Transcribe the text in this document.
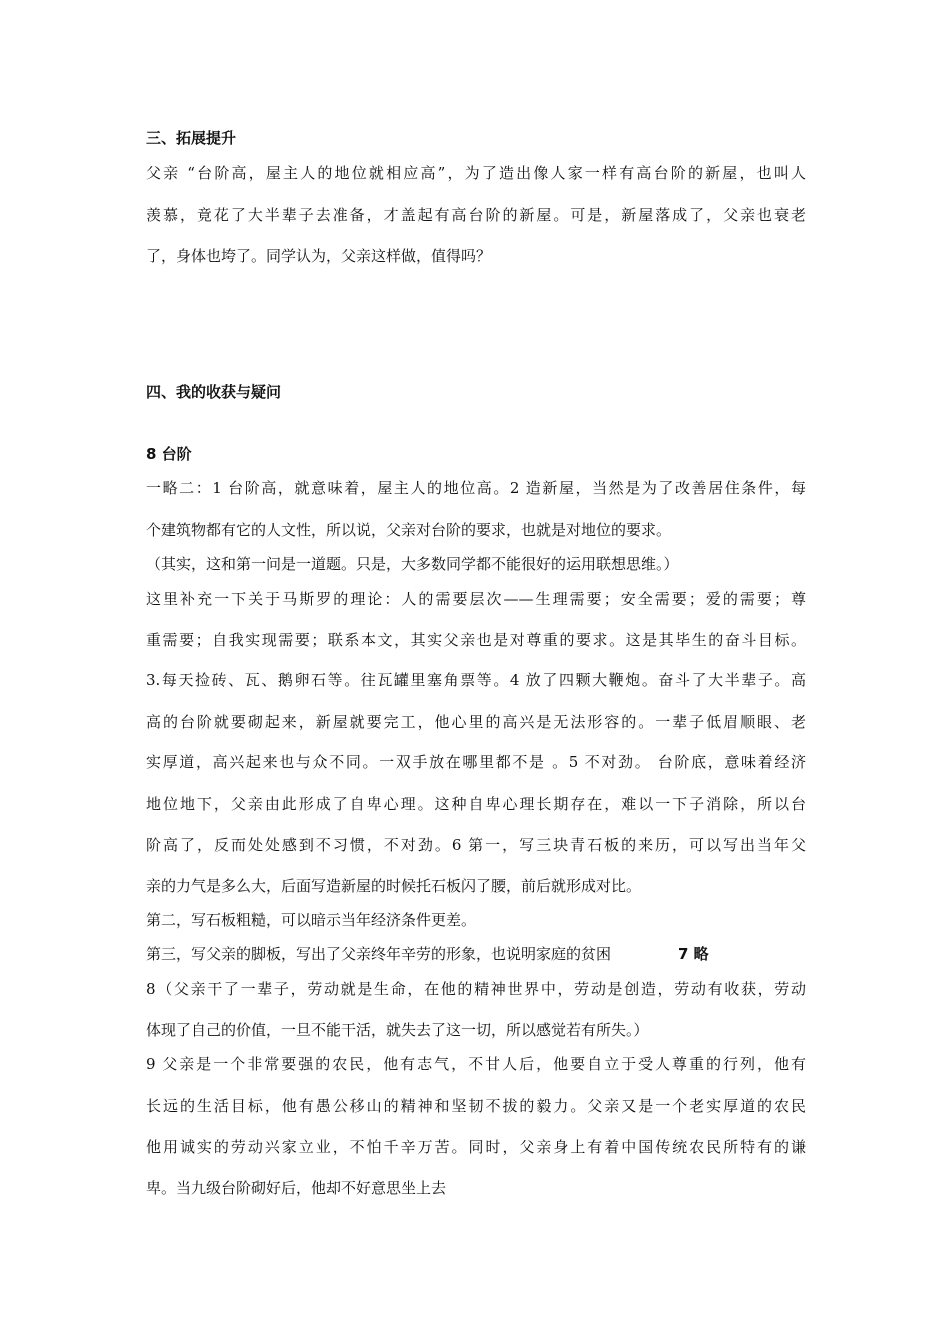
三、拓展提升
父亲 “台阶高，屋主人的地位就相应高”，为了造出像人家一样有高台阶的新屋，也叫人
羡慕，竟花了大半辈子去准备，才盖起有高台阶的新屋。可是，新屋落成了，父亲也衰老
了，身体也垮了。同学认为，父亲这样做，值得吗？
四、我的收获与疑问
8 台阶
一略二：1 台阶高，就意味着，屋主人的地位高。2 造新屋，当然是为了改善居住条件，每
个建筑物都有它的人文性，所以说，父亲对台阶的要求，也就是对地位的要求。
（其实，这和第一问是一道题。只是，大多数同学都不能很好的运用联想思维。）
这里补充一下关于马斯罗的理论：人的需要层次——生理需要；安全需要；爱的需要；尊
重需要；自我实现需要；联系本文，其实父亲也是对尊重的要求。这是其毕生的奋斗目标。
3.每天捡砖、瓦、鹅卵石等。往瓦罐里塞角票等。4 放了四颗大鞭炮。奋斗了大半辈子。高
高的台阶就要砌起来，新屋就要完工，他心里的高兴是无法形容的。一辈子低眉顺眼、老
实厚道，高兴起来也与众不同。一双手放在哪里都不是 。5 不对劲。 台阶底，意味着经济
地位地下，父亲由此形成了自卑心理。这种自卑心理长期存在，难以一下子消除，所以台
阶高了，反而处处感到不习惯，不对劲。6 第一，写三块青石板的来历，可以写出当年父
亲的力气是多么大，后面写造新屋的时候托石板闪了腰，前后就形成对比。
第二，写石板粗糙，可以暗示当年经济条件更差。
第三，写父亲的脚板，写出了父亲终年辛劳的形象，也说明家庭的贫困	7 略
8（父亲干了一辈子，劳动就是生命，在他的精神世界中，劳动是创造，劳动有收获，劳动
体现了自己的价值，一旦不能干活，就失去了这一切，所以感觉若有所失。）
9 父亲是一个非常要强的农民，他有志气，不甘人后，他要自立于受人尊重的行列，他有
长远的生活目标，他有愚公移山的精神和坚韧不拔的毅力。父亲又是一个老实厚道的农民
他用诚实的劳动兴家立业，不怕千辛万苦。同时，父亲身上有着中国传统农民所特有的谦
卑。当九级台阶砌好后，他却不好意思坐上去
